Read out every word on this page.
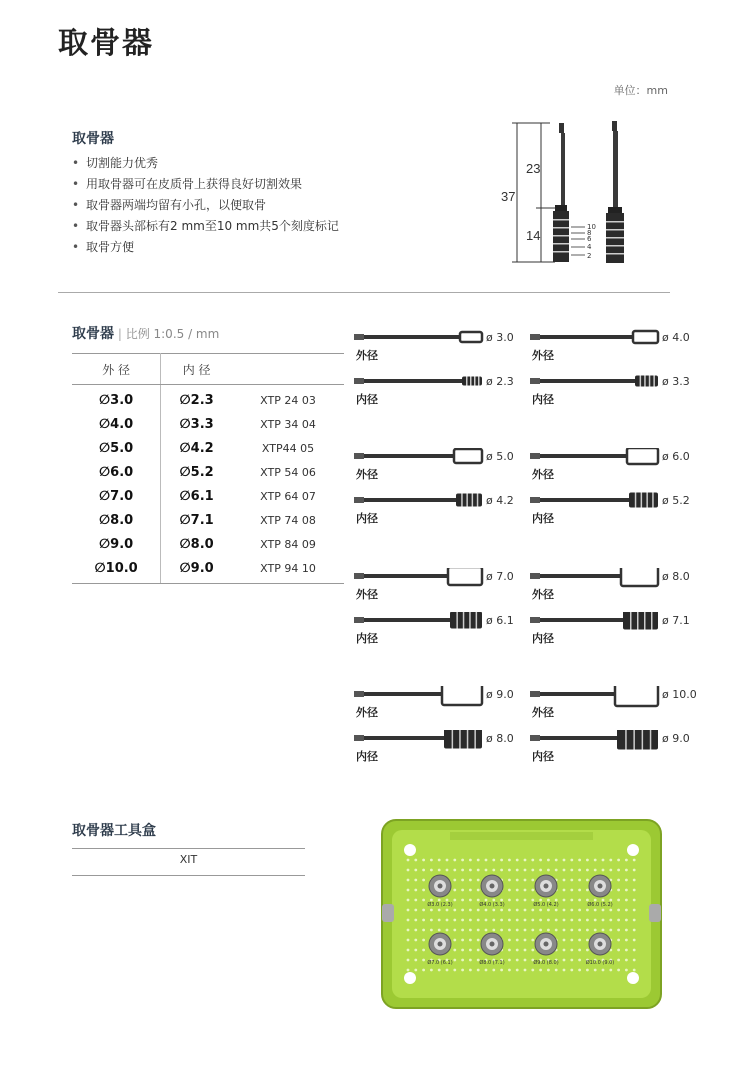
取骨器
单位：mm
取骨器
• 切割能力优秀
• 用取骨器可在皮质骨上获得良好切割效果
• 取骨器两端均留有小孔，以便取骨
• 取骨器头部标有2 mm至10 mm共5个刻度标记
• 取骨方便
37
23
14
10
8
6
4
2
取骨器 | 比例 1:0.5 / mm
外 径	内 径	
∅3.0	∅2.3	XTP 24 03
∅4.0	∅3.3	XTP 34 04
∅5.0	∅4.2	XTP44 05
∅6.0	∅5.2	XTP 54 06
∅7.0	∅6.1	XTP 64 07
∅8.0	∅7.1	XTP 74 08
∅9.0	∅8.0	XTP 84 09
∅10.0	∅9.0	XTP 94 10
外径
ø 3.0
内径
ø 2.3
外径
ø 4.0
内径
ø 3.3
外径
ø 5.0
内径
ø 4.2
外径
ø 6.0
内径
ø 5.2
外径
ø 7.0
内径
ø 6.1
外径
ø 8.0
内径
ø 7.1
外径
ø 9.0
内径
ø 8.0
外径
ø 10.0
内径
ø 9.0
取骨器工具盒
XIT
Ø3.0 (2.3)	Ø4.0 (3.3)	Ø5.0 (4.2)	Ø6.0 (5.2)
Ø7.0 (6.1)	Ø8.0 (7.1)	Ø9.0 (8.0)	Ø10.0 (9.0)
